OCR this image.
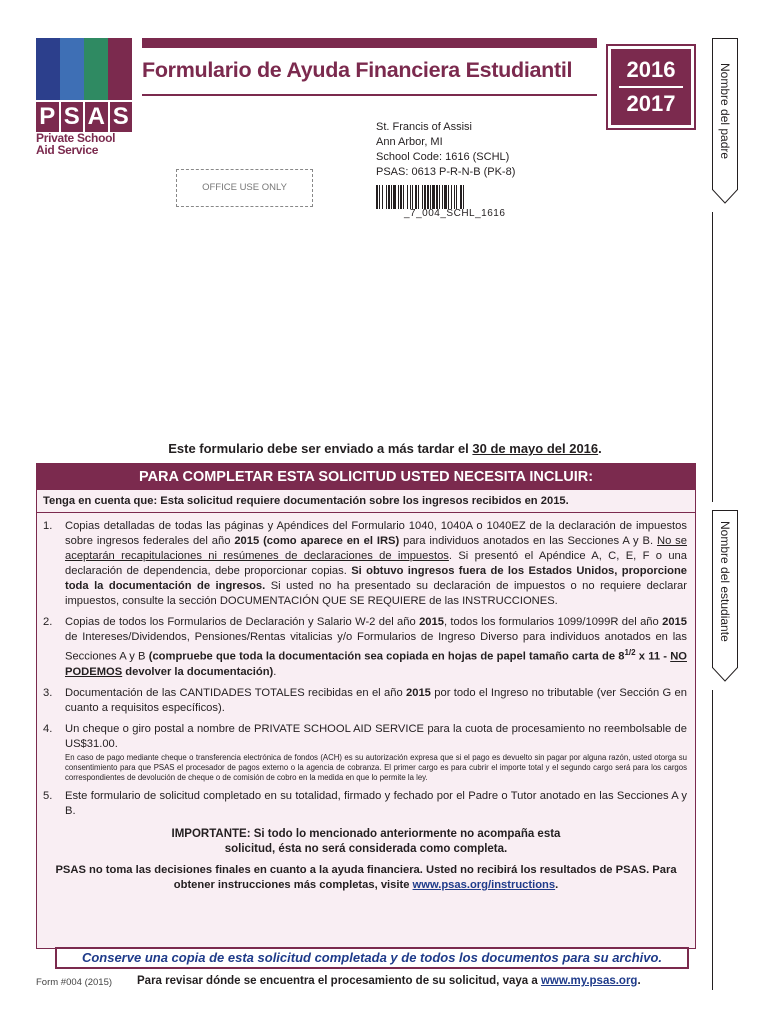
P S A S
Private School
Aid Service
Formulario de Ayuda Financiera Estudiantil	2016
2017
St. Francis of Assisi
Ann Arbor, MI
School Code: 1616 (SCHL)
PSAS: 0613 P-R-N-B (PK-8)
OFFICE USE ONLY
_7_004_SCHL_1616
Nombre del padre
Nombre del estudiante
Este formulario debe ser enviado a más tardar el 30 de mayo del 2016.
PARA COMPLETAR ESTA SOLICITUD USTED NECESITA INCLUIR:
Tenga en cuenta que: Esta solicitud requiere documentación sobre los ingresos recibidos en 2015.
1. Copias detalladas de todas las páginas y Apéndices del Formulario 1040, 1040A o 1040EZ de la declaración de impuestos sobre ingresos federales del año 2015 (como aparece en el IRS) para individuos anotados en las Secciones A y B. No se aceptarán recapitulaciones ni resúmenes de declaraciones de impuestos. Si presentó el Apéndice A, C, E, F o una declaración de dependencia, debe proporcionar copias. Si obtuvo ingresos fuera de los Estados Unidos, proporcione toda la documentación de ingresos. Si usted no ha presentado su declaración de impuestos o no requiere declarar impuestos, consulte la sección DOCUMENTACIÓN QUE SE REQUIERE de las INSTRUCCIONES.
2. Copias de todos los Formularios de Declaración y Salario W-2 del año 2015, todos los formularios 1099/1099R del año 2015 de Intereses/Dividendos, Pensiones/Rentas vitalicias y/o Formularios de Ingreso Diverso para individuos anotados en las Secciones A y B (compruebe que toda la documentación sea copiada en hojas de papel tamaño carta de $8^{1/2}$ x 11 - NO PODEMOS devolver la documentación).
3. Documentación de las CANTIDADES TOTALES recibidas en el año 2015 por todo el Ingreso no tributable (ver Sección G en cuanto a requisitos específicos).
4. Un cheque o giro postal a nombre de PRIVATE SCHOOL AID SERVICE para la cuota de procesamiento no reembolsable de US$31.00.
En caso de pago mediante cheque o transferencia electrónica de fondos (ACH) es su autorización expresa que si el pago es devuelto sin pagar por alguna razón, usted otorga su consentimiento para que PSAS el procesador de pagos externo o la agencia de cobranza. El primer cargo es para cubrir el importe total y el segundo cargo será para los cargos correspondientes de devolución de cheque o de comisión de cobro en la medida en que lo permite la ley.
5. Este formulario de solicitud completado en su totalidad, firmado y fechado por el Padre o Tutor anotado en las Secciones A y B.
IMPORTANTE: Si todo lo mencionado anteriormente no acompaña esta
solicitud, ésta no será considerada como completa.
PSAS no toma las decisiones finales en cuanto a la ayuda financiera. Usted no recibirá los resultados de PSAS. Para obtener instrucciones más completas, visite www.psas.org/instructions.
Conserve una copia de esta solicitud completada y de todos los documentos para su archivo.
Form #004 (2015) Para revisar dónde se encuentra el procesamiento de su solicitud, vaya a www.my.psas.org.
